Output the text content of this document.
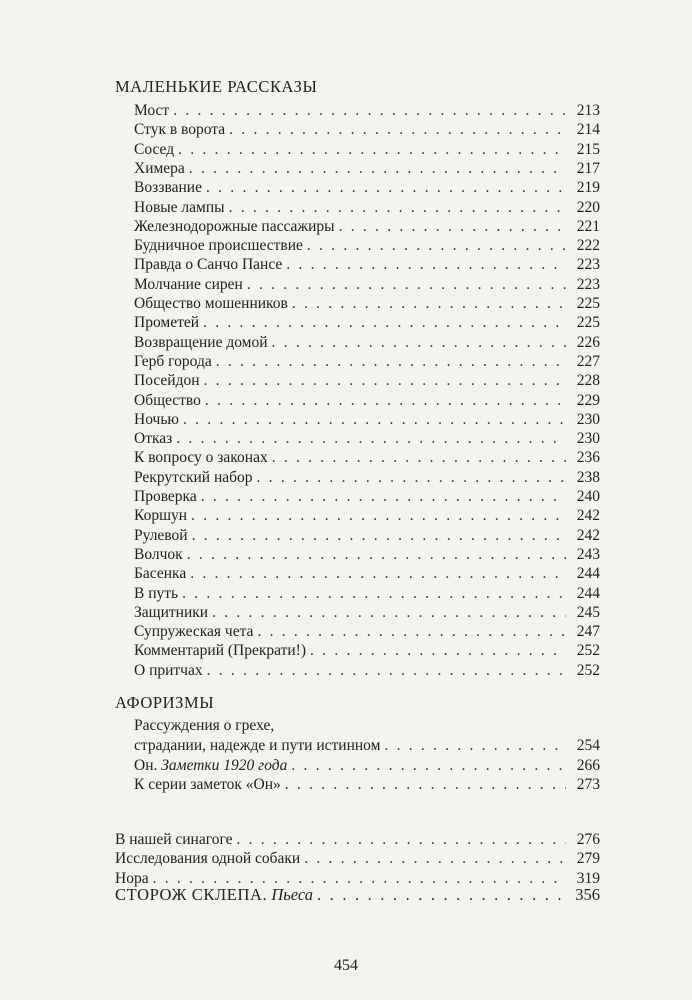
МАЛЕНЬКИЕ РАССКАЗЫ
Мост . . .	213
Стук в ворота . . .	214
Сосед . . .	215
Химера . . .	217
Воззвание . . .	219
Новые лампы . . .	220
Железнодорожные пассажиры . . .	221
Будничное происшествие . . .	222
Правда о Санчо Пансе . . .	223
Молчание сирен . . .	223
Общество мошенников . . .	225
Прометей . . .	225
Возвращение домой . . .	226
Герб города . . .	227
Посейдон . . .	228
Общество . . .	229
Ночью . . .	230
Отказ . . .	230
К вопросу о законах . . .	236
Рекрутский набор . . .	238
Проверка . . .	240
Коршун . . .	242
Рулевой . . .	242
Волчок . . .	243
Басенка . . .	244
В путь . . .	244
Защитники . . .	245
Супружеская чета . . .	247
Комментарий (Прекрати!) . . .	252
О притчах . . .	252
АФОРИЗМЫ
Рассуждения о грехе,
страдании, надежде и пути истинном . . .	254
Он. Заметки 1920 года . . .	266
К серии заметок «Он» . . .	273
В нашей синагоге . . .	276
Исследования одной собаки . . .	279
Нора . . .	319
СТОРОЖ СКЛЕПА. Пьеса . . .	356
454
